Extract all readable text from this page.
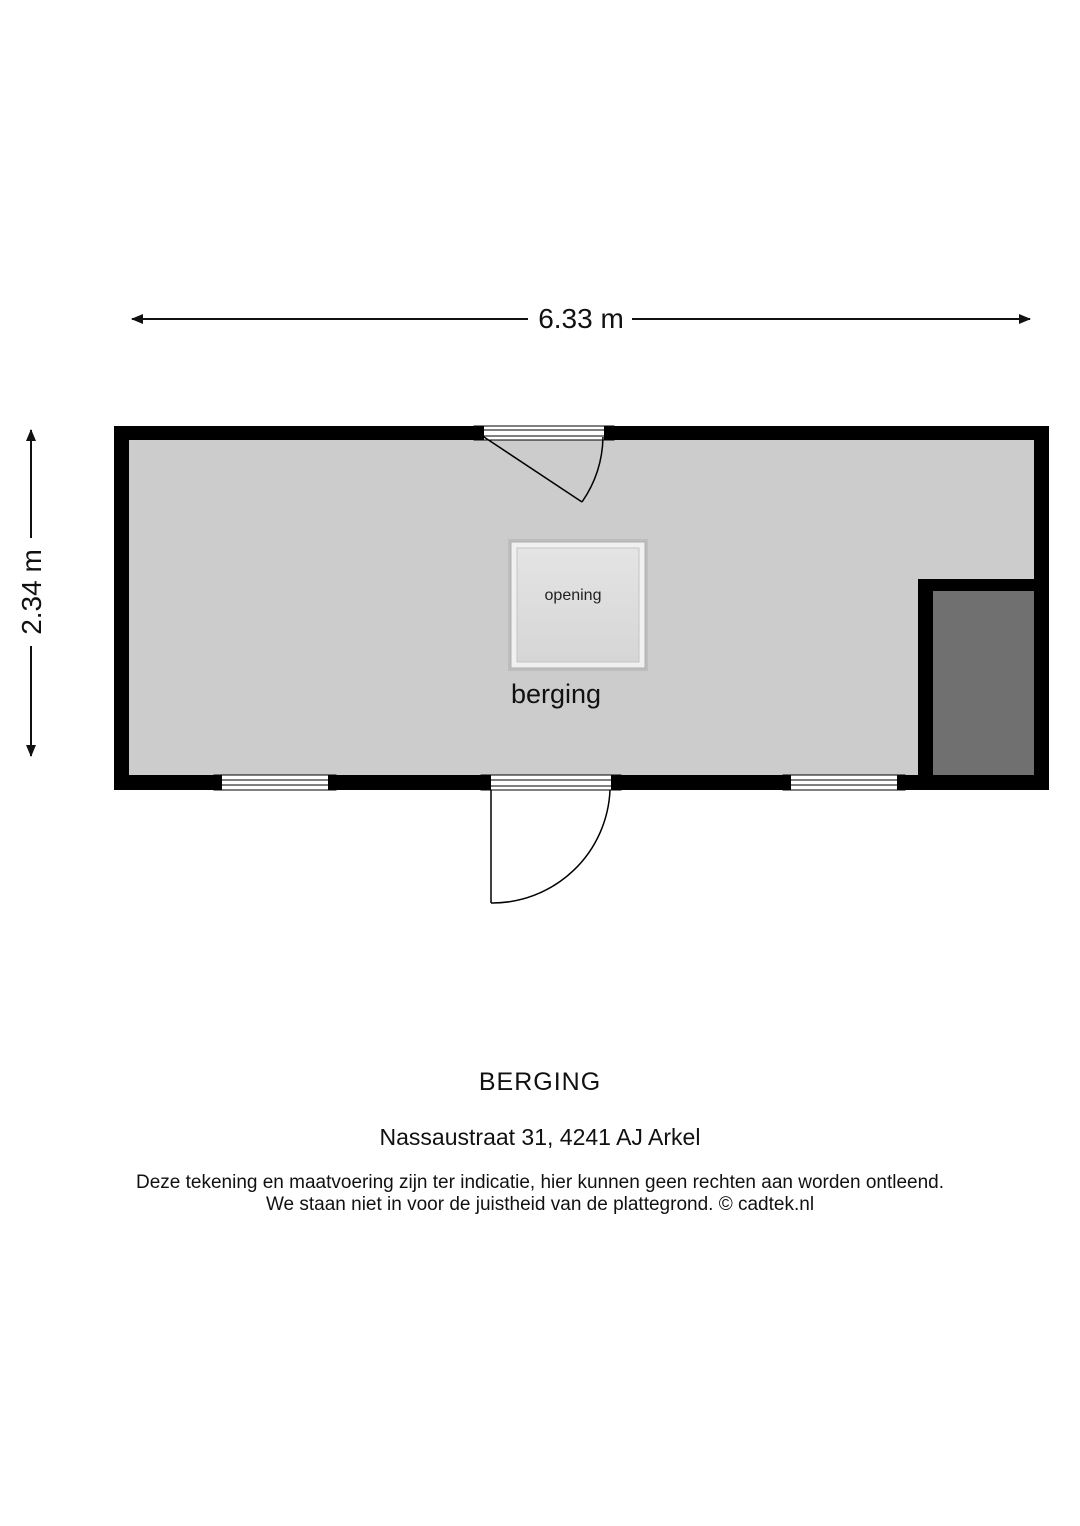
6.33 m
2.34 m	opening
berging

BERGING

Nassaustraat 31, 4241 AJ Arkel

Deze tekening en maatvoering zijn ter indicatie, hier kunnen geen rechten aan worden ontleend.
We staan niet in voor de juistheid van de plattegrond. © cadtek.nl
